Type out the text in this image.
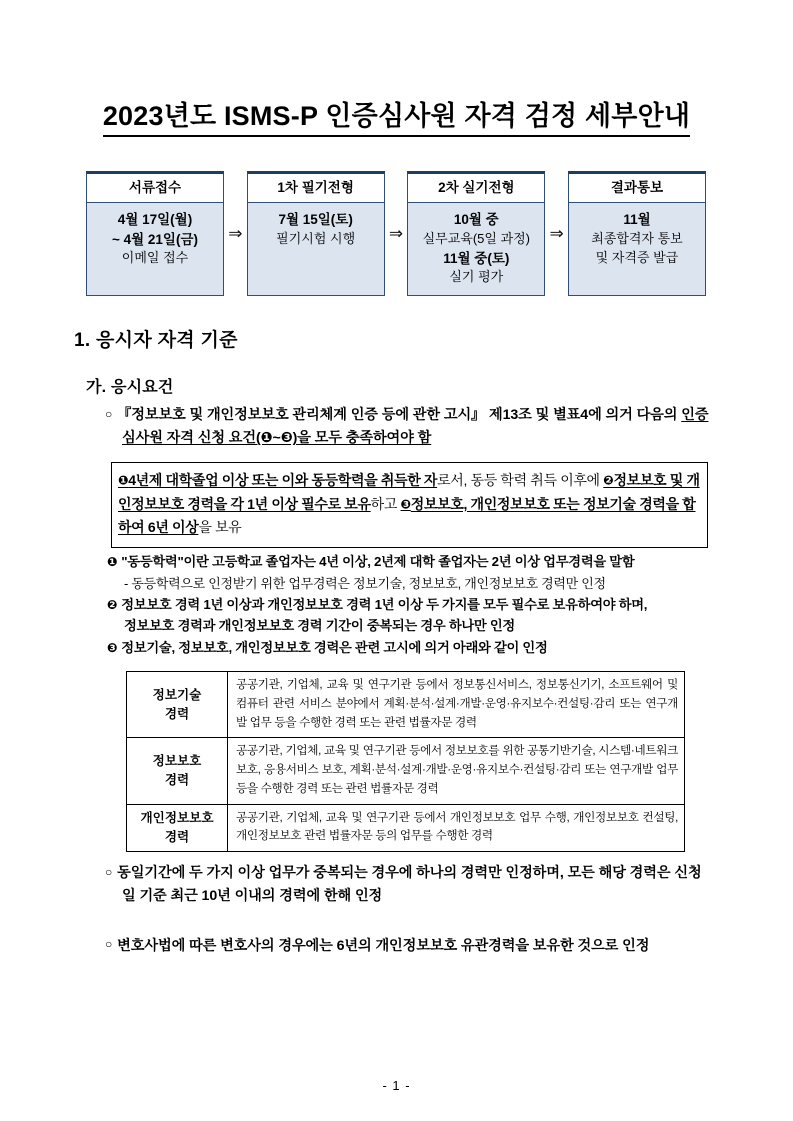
2023년도 ISMS-P 인증심사원 자격 검정 세부안내
서류접수
4월 17일(월)
~ 4월 21일(금)
이메일 접수
⇒
1차 필기전형
7월 15일(토)
필기시험 시행	⇒
2차 실기전형
10월 중
실무교육(5일 과정)
11월 중(토)
실기 평가
⇒
결과통보
11월
최종합격자 통보
및 자격증 발급
1. 응시자 자격 기준
가. 응시요건
○ 『정보보호 및 개인정보보호 관리체계 인증 등에 관한 고시』 제13조 및 별표4에 의거 다음의 인증심사원 자격 신청 요건(❶~❸)을 모두 충족하여야 함
❶4년제 대학졸업 이상 또는 이와 동등학력을 취득한 자로서, 동등 학력 취득 이후에 ❷정보보호 및 개인정보보호 경력을 각 1년 이상 필수로 보유하고 ❸정보보호, 개인정보보호 또는 정보기술 경력을 합하여 6년 이상을 보유
❶ "동등학력"이란 고등학교 졸업자는 4년 이상, 2년제 대학 졸업자는 2년 이상 업무경력을 말함
- 동등학력으로 인정받기 위한 업무경력은 정보기술, 정보보호, 개인정보보호 경력만 인정
❷ 정보보호 경력 1년 이상과 개인정보보호 경력 1년 이상 두 가지를 모두 필수로 보유하여야 하며,
정보보호 경력과 개인정보보호 경력 기간이 중복되는 경우 하나만 인정
❸ 정보기술, 정보보호, 개인정보보호 경력은 관련 고시에 의거 아래와 같이 인정
정보기술
경력	공공기관, 기업체, 교육 및 연구기관 등에서 정보통신서비스, 정보통신기기, 소프트웨어 및 컴퓨터 관련 서비스 분야에서 계획·분석·설계·개발·운영·유지보수·컨설팅·감리 또는 연구개발 업무 등을 수행한 경력 또는 관련 법률자문 경력

정보보호
경력	공공기관, 기업체, 교육 및 연구기관 등에서 정보보호를 위한 공통기반기술, 시스템·네트워크 보호, 응용서비스 보호, 계획·분석·설계·개발·운영·유지보수·컨설팅·감리 또는 연구개발 업무 등을 수행한 경력 또는 관련 법률자문 경력

개인정보보호
경력	공공기관, 기업체, 교육 및 연구기관 등에서 개인정보보호 업무 수행, 개인정보보호 컨설팅, 개인정보보호 관련 법률자문 등의 업무를 수행한 경력
○ 동일기간에 두 가지 이상 업무가 중복되는 경우에 하나의 경력만 인정하며, 모든 해당 경력은 신청일 기준 최근 10년 이내의 경력에 한해 인정
○ 변호사법에 따른 변호사의 경우에는 6년의 개인정보보호 유관경력을 보유한 것으로 인정
- 1 -
